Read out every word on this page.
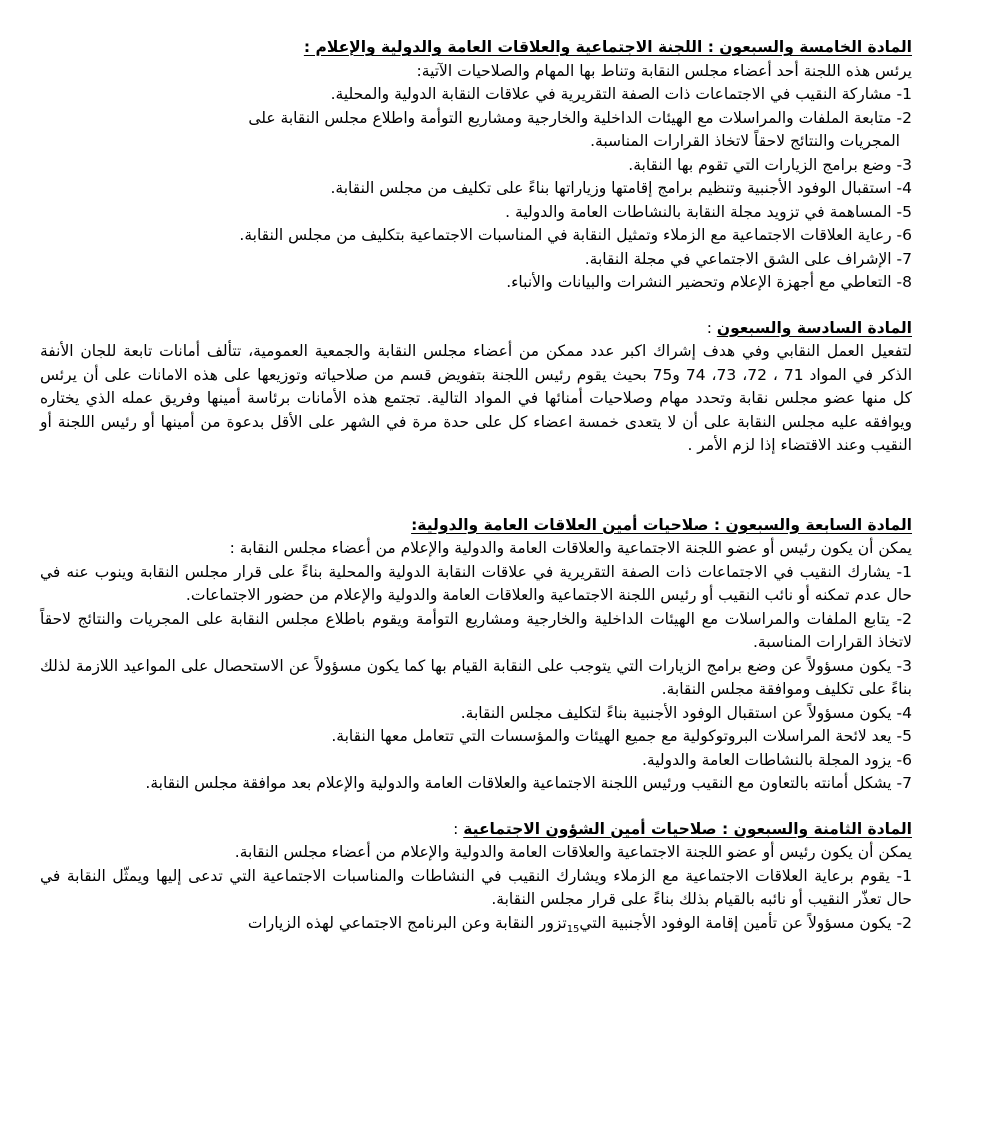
المادة الخامسة والسبعون : اللجنة الاجتماعية والعلاقات العامة والدولية والإعلام :

يرئس هذه اللجنة أحد أعضاء مجلس النقابة وتناط بها المهام والصلاحيات الآتية:

1- مشاركة النقيب في الاجتماعات ذات الصفة التقريرية في علاقات النقابة الدولية والمحلية.

2- متابعة الملفات والمراسلات مع الهيئات الداخلية والخارجية ومشاريع التوأمة واطلاع مجلس النقابة على

المجريات والنتائج لاحقاً لاتخاذ القرارات المناسبة.

3- وضع برامج الزيارات التي تقوم بها النقابة.

4- استقبال الوفود الأجنبية وتنظيم برامج إقامتها وزياراتها بناءً على تكليف من مجلس النقابة.

5- المساهمة في تزويد مجلة النقابة بالنشاطات العامة والدولية .

6- رعاية العلاقات الاجتماعية مع الزملاء وتمثيل النقابة في المناسبات الاجتماعية بتكليف من مجلس النقابة.

7- الإشراف على الشق الاجتماعي في مجلة النقابة.

8- التعاطي مع أجهزة الإعلام وتحضير النشرات والبيانات والأنباء.

المادة السادسة والسبعون :

لتفعيل العمل النقابي وفي هدف إشراك اكبر عدد ممكن من أعضاء مجلس النقابة والجمعية العمومية، تتألف أمانات تابعة للجان الأنفة الذكر في المواد 71 ، 72، 73، 74 و75 بحيث يقوم رئيس اللجنة بتفويض قسم من صلاحياته وتوزيعها على هذه الامانات على أن يرئس كل منها عضو مجلس نقابة وتحدد مهام وصلاحيات أمنائها في المواد التالية. تجتمع هذه الأمانات برئاسة أمينها وفريق عمله الذي يختاره ويوافقه عليه مجلس النقابة على أن لا يتعدى خمسة اعضاء كل على حدة مرة في الشهر على الأقل بدعوة من أمينها أو رئيس اللجنة أو النقيب وعند الاقتضاء إذا لزم الأمر .

المادة السابعة والسبعون : صلاحيات أمين العلاقات العامة والدولية:

يمكن أن يكون رئيس أو عضو اللجنة الاجتماعية والعلاقات العامة والدولية والإعلام من أعضاء مجلس النقابة :

1- يشارك النقيب في الاجتماعات ذات الصفة التقريرية في علاقات النقابة الدولية والمحلية بناءً على قرار مجلس النقابة وينوب عنه في حال عدم تمكنه أو نائب النقيب أو رئيس اللجنة الاجتماعية والعلاقات العامة والدولية والإعلام من حضور الاجتماعات.

2- يتابع الملفات والمراسلات مع الهيئات الداخلية والخارجية ومشاريع التوأمة ويقوم باطلاع مجلس النقابة على المجريات والنتائج لاحقاً لاتخاذ القرارات المناسبة.

3- يكون مسؤولاً عن وضع برامج الزيارات التي يتوجب على النقابة القيام بها كما يكون مسؤولاً عن الاستحصال على المواعيد اللازمة لذلك بناءً على تكليف وموافقة مجلس النقابة.

4- يكون مسؤولاً عن استقبال الوفود الأجنبية بناءً لتكليف مجلس النقابة.

5- يعد لائحة المراسلات البروتوكولية مع جميع الهيئات والمؤسسات التي تتعامل معها النقابة.

6- يزود المجلة بالنشاطات العامة والدولية.

7- يشكل أمانته بالتعاون مع النقيب ورئيس اللجنة الاجتماعية والعلاقات العامة والدولية والإعلام بعد موافقة مجلس النقابة.

المادة الثامنة والسبعون : صلاحيات أمين الشؤون الاجتماعية :

يمكن أن يكون رئيس أو عضو اللجنة الاجتماعية والعلاقات العامة والدولية والإعلام من أعضاء مجلس النقابة.

1- يقوم برعاية العلاقات الاجتماعية مع الزملاء ويشارك النقيب في النشاطات والمناسبات الاجتماعية التي تدعى إليها ويمثّل النقابة في حال تعذّر النقيب أو نائبه بالقيام بذلك بناءً على قرار مجلس النقابة.

2- يكون مسؤولاً عن تأمين إقامة الوفود الأجنبية التي$_{15}$تزور النقابة وعن البرنامج الاجتماعي لهذه الزيارات
